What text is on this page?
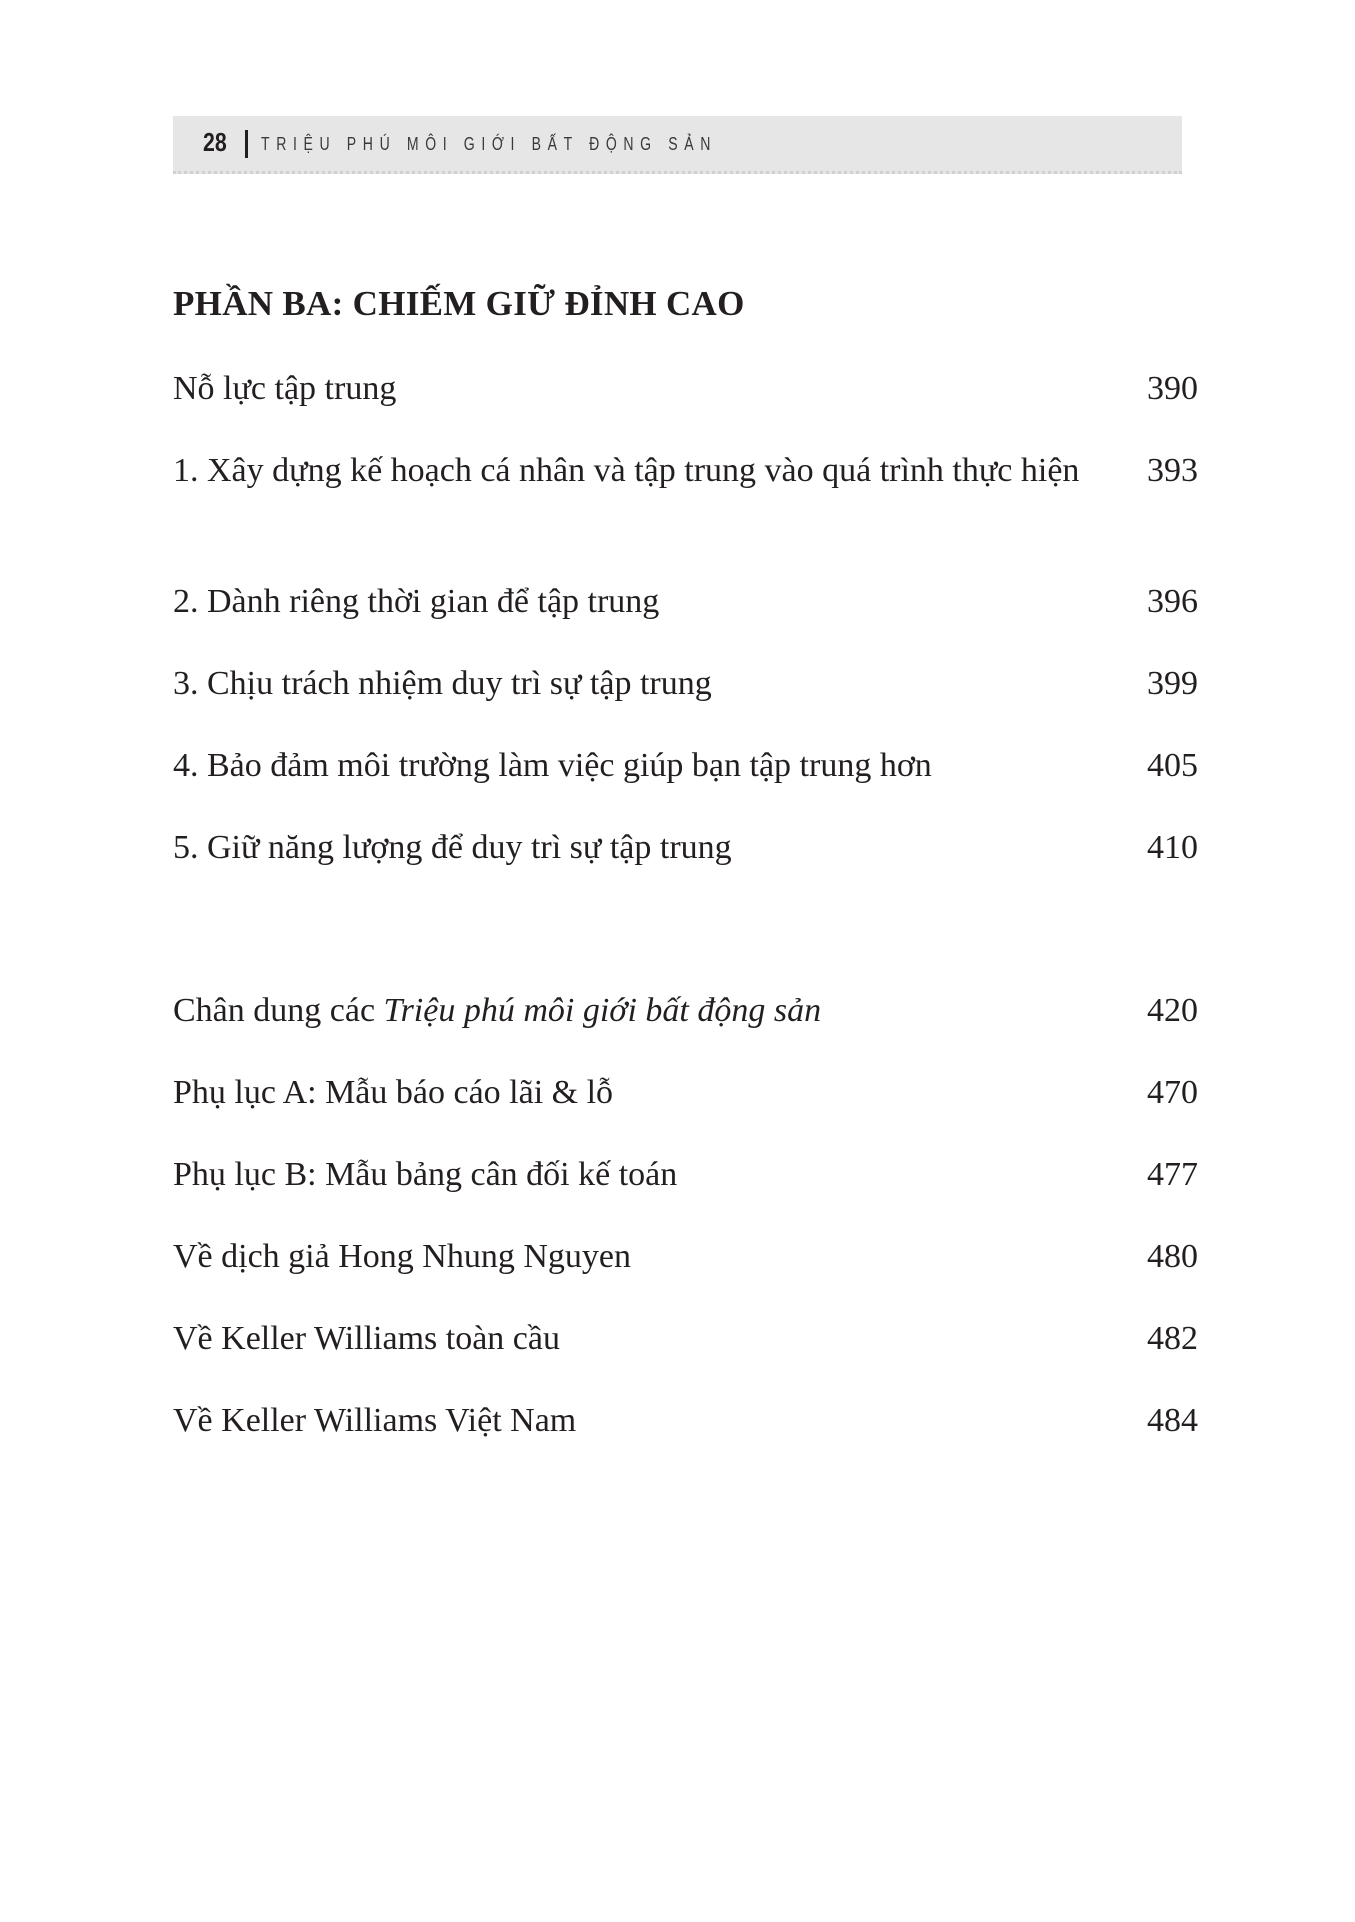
28 TRIỆU PHÚ MÔI GIỚI BẤT ĐỘNG SẢN
PHẦN BA: CHIẾM GIỮ ĐỈNH CAO
Nỗ lực tập trung	390
1. Xây dựng kế hoạch cá nhân và tập trung vào quá trình thực hiện 393
2. Dành riêng thời gian để tập trung	396
3. Chịu trách nhiệm duy trì sự tập trung	399
4. Bảo đảm môi trường làm việc giúp bạn tập trung hơn	405
5. Giữ năng lượng để duy trì sự tập trung	410
Chân dung các Triệu phú môi giới bất động sản	420
Phụ lục A: Mẫu báo cáo lãi & lỗ	470
Phụ lục B: Mẫu bảng cân đối kế toán	477
Về dịch giả Hong Nhung Nguyen	480
Về Keller Williams toàn cầu	482
Về Keller Williams Việt Nam	484
